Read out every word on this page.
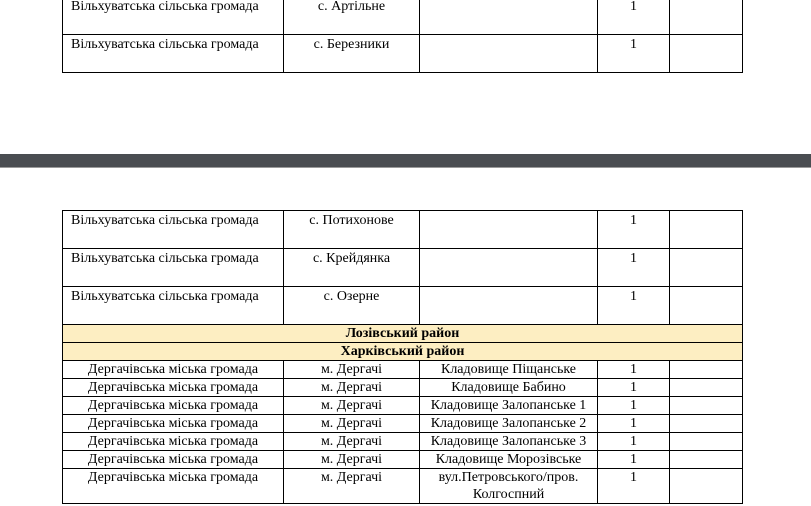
Вільхуватська сільська громада	с. Артільне		1	
Вільхуватська сільська громада	с. Березники		1	
Вільхуватська сільська громада	с. Потихонове		1	
Вільхуватська сільська громада	с. Крейдянка		1	
Вільхуватська сільська громада	с. Озерне		1	
Лозівський район				
Харківський район				
Дергачівська міська громада	м. Дергачі	Кладовище Піщанське	1	
Дергачівська міська громада	м. Дергачі	Кладовище Бабино	1	
Дергачівська міська громада	м. Дергачі	Кладовище Залопанське 1	1	
Дергачівська міська громада	м. Дергачі	Кладовище Залопанське 2	1	
Дергачівська міська громада	м. Дергачі	Кладовище Залопанське 3	1	
Дергачівська міська громада	м. Дергачі	Кладовище Морозівське	1	
Дергачівська міська громада	м. Дергачі	вул.Петровського/пров. Колгоспний	1	
